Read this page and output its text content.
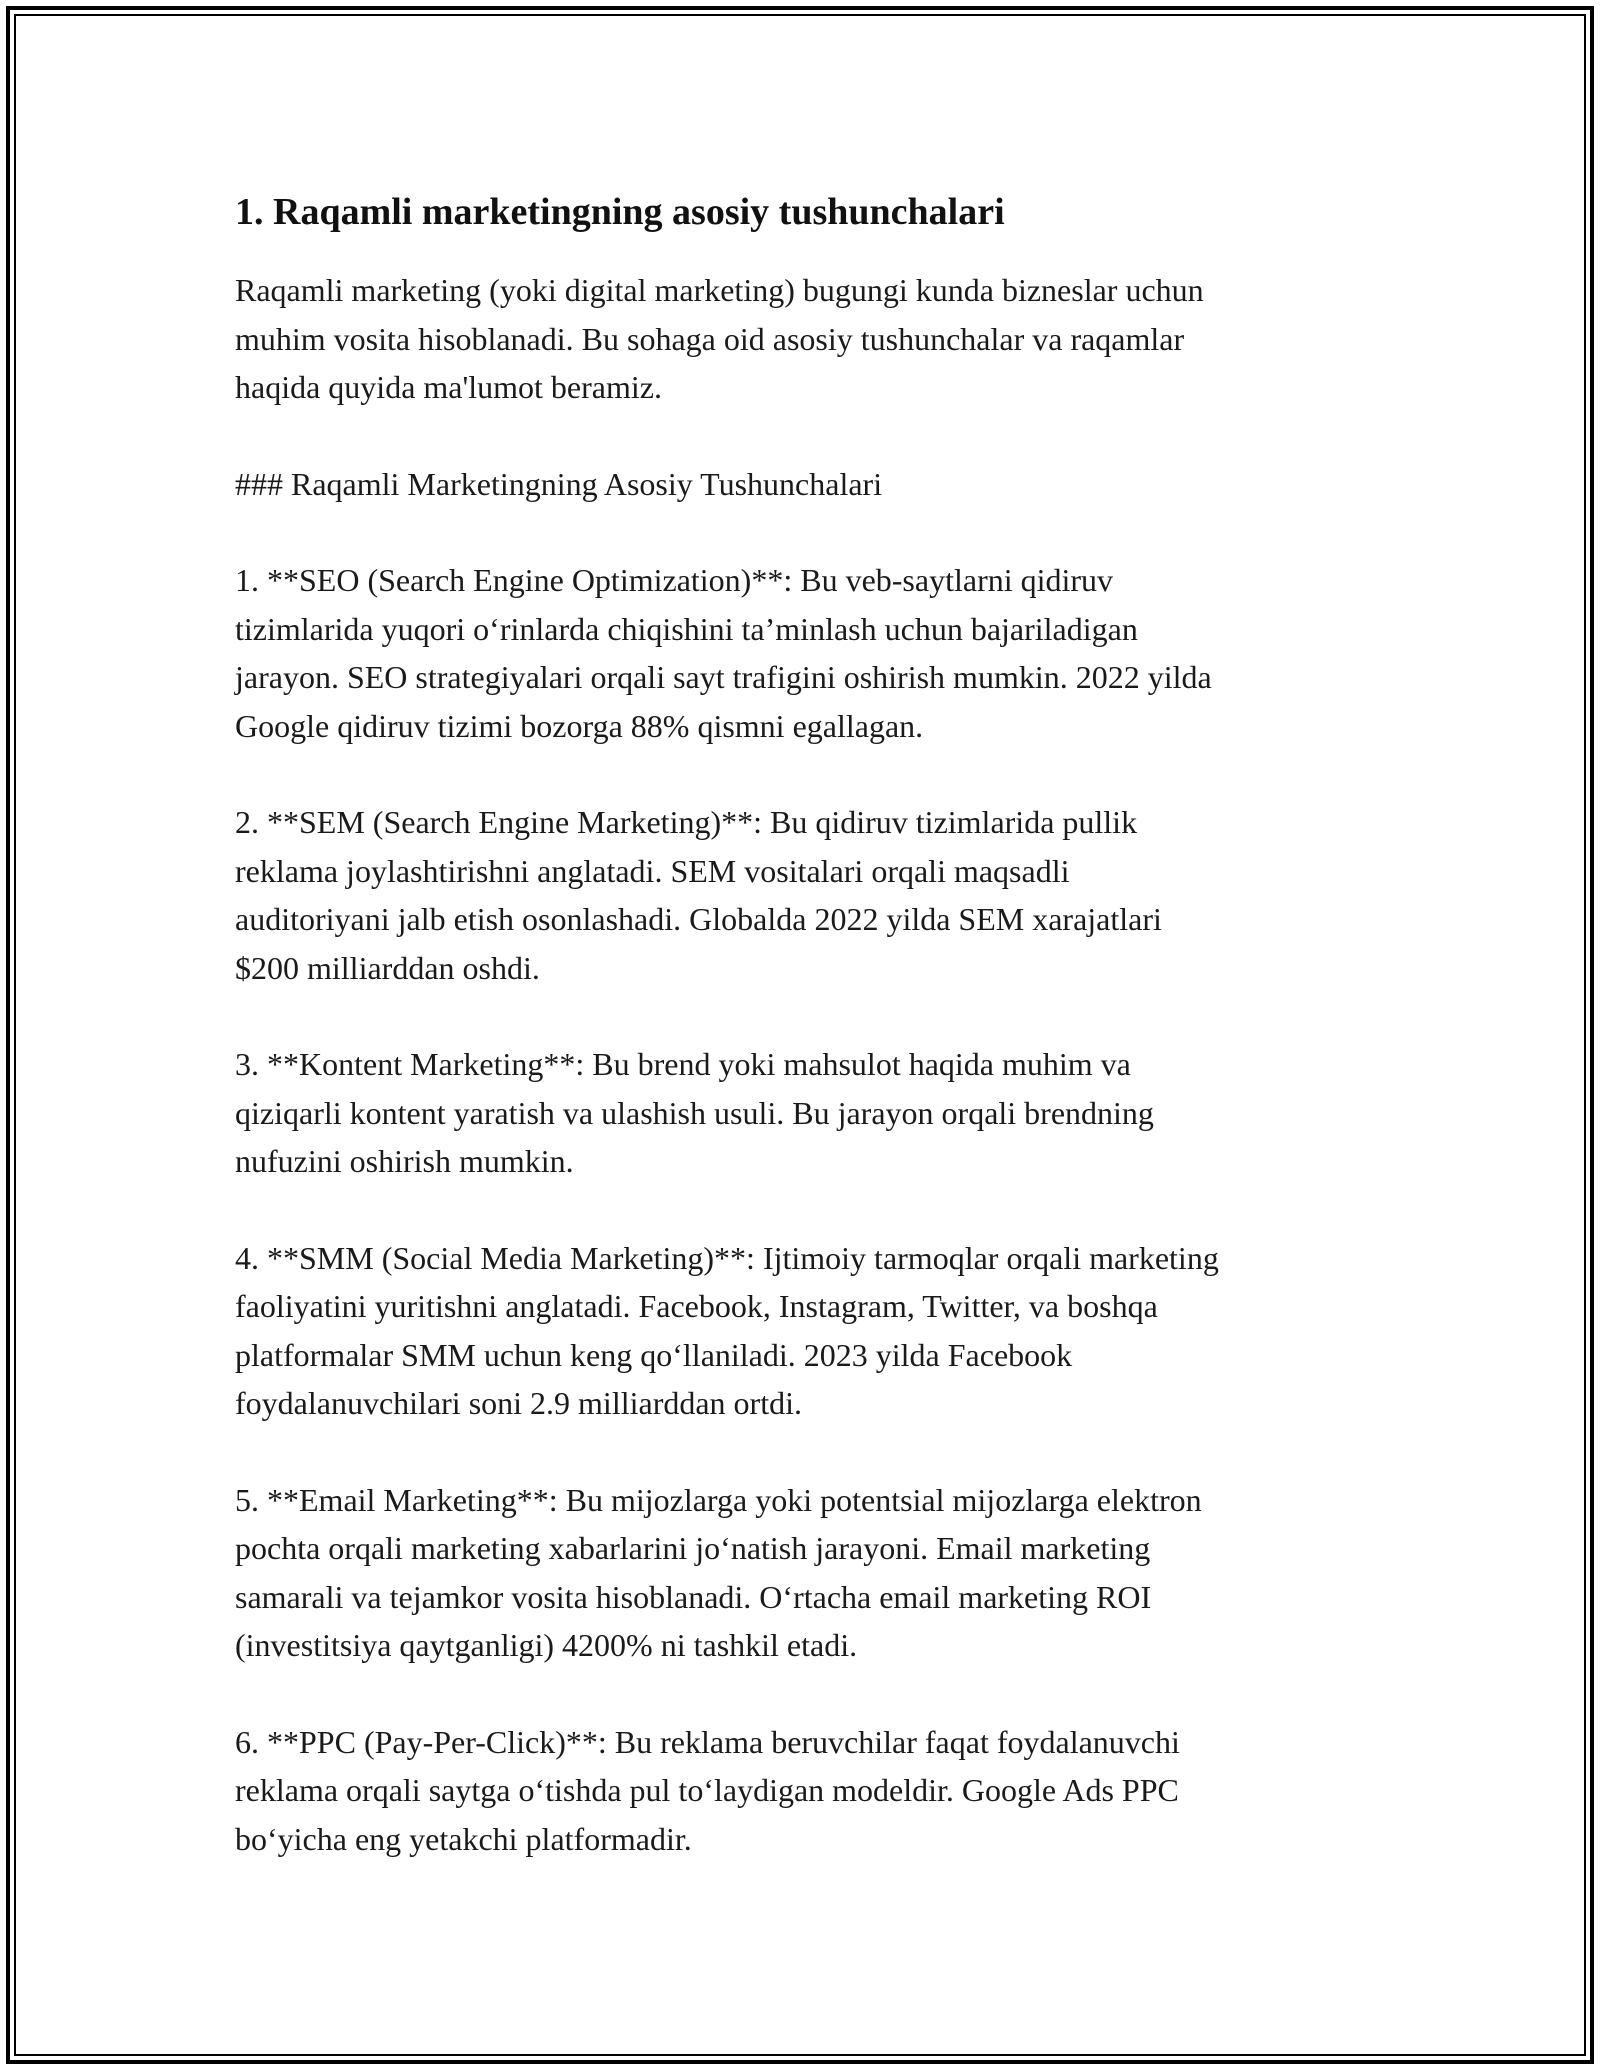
1. Raqamli marketingning asosiy tushunchalari

Raqamli marketing (yoki digital marketing) bugungi kunda bizneslar uchun
muhim vosita hisoblanadi. Bu sohaga oid asosiy tushunchalar va raqamlar
haqida quyida ma'lumot beramiz.

### Raqamli Marketingning Asosiy Tushunchalari

1. **SEO (Search Engine Optimization)**: Bu veb-saytlarni qidiruv
tizimlarida yuqori o‘rinlarda chiqishini ta’minlash uchun bajariladigan
jarayon. SEO strategiyalari orqali sayt trafigini oshirish mumkin. 2022 yilda
Google qidiruv tizimi bozorga 88% qismni egallagan.

2. **SEM (Search Engine Marketing)**: Bu qidiruv tizimlarida pullik
reklama joylashtirishni anglatadi. SEM vositalari orqali maqsadli
auditoriyani jalb etish osonlashadi. Globalda 2022 yilda SEM xarajatlari
$200 milliarddan oshdi.

3. **Kontent Marketing**: Bu brend yoki mahsulot haqida muhim va
qiziqarli kontent yaratish va ulashish usuli. Bu jarayon orqali brendning
nufuzini oshirish mumkin.

4. **SMM (Social Media Marketing)**: Ijtimoiy tarmoqlar orqali marketing
faoliyatini yuritishni anglatadi. Facebook, Instagram, Twitter, va boshqa
platformalar SMM uchun keng qo‘llaniladi. 2023 yilda Facebook
foydalanuvchilari soni 2.9 milliarddan ortdi.

5. **Email Marketing**: Bu mijozlarga yoki potentsial mijozlarga elektron
pochta orqali marketing xabarlarini jo‘natish jarayoni. Email marketing
samarali va tejamkor vosita hisoblanadi. O‘rtacha email marketing ROI
(investitsiya qaytganligi) 4200% ni tashkil etadi.

6. **PPC (Pay-Per-Click)**: Bu reklama beruvchilar faqat foydalanuvchi
reklama orqali saytga o‘tishda pul to‘laydigan modeldir. Google Ads PPC
bo‘yicha eng yetakchi platformadir.
